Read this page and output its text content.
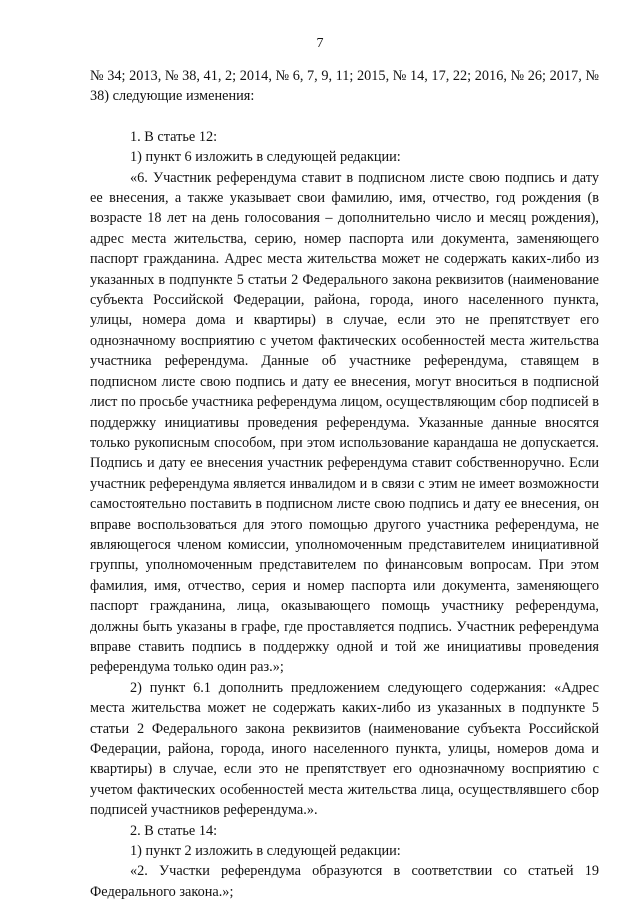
7

№ 34; 2013, № 38, 41, 2; 2014, № 6, 7, 9, 11; 2015, № 14, 17, 22; 2016, № 26; 2017, № 38) следующие изменения:

1. В статье 12:

1) пункт 6 изложить в следующей редакции:

«6. Участник референдума ставит в подписном листе свою подпись и дату ее внесения, а также указывает свои фамилию, имя, отчество, год рождения (в возрасте 18 лет на день голосования – дополнительно число и месяц рождения), адрес места жительства, серию, номер паспорта или документа, заменяющего паспорт гражданина. Адрес места жительства может не содержать каких-либо из указанных в подпункте 5 статьи 2 Федерального закона реквизитов (наименование субъекта Российской Федерации, района, города, иного населенного пункта, улицы, номера дома и квартиры) в случае, если это не препятствует его однозначному восприятию с учетом фактических особенностей места жительства участника референдума. Данные об участнике референдума, ставящем в подписном листе свою подпись и дату ее внесения, могут вноситься в подписной лист по просьбе участника референдума лицом, осуществляющим сбор подписей в поддержку инициативы проведения референдума. Указанные данные вносятся только рукописным способом, при этом использование карандаша не допускается. Подпись и дату ее внесения участник референдума ставит собственноручно. Если участник референдума является инвалидом и в связи с этим не имеет возможности самостоятельно поставить в подписном листе свою подпись и дату ее внесения, он вправе воспользоваться для этого помощью другого участника референдума, не являющегося членом комиссии, уполномоченным представителем инициативной группы, уполномоченным представителем по финансовым вопросам. При этом фамилия, имя, отчество, серия и номер паспорта или документа, заменяющего паспорт гражданина, лица, оказывающего помощь участнику референдума, должны быть указаны в графе, где проставляется подпись. Участник референдума вправе ставить подпись в поддержку одной и той же инициативы проведения референдума только один раз.»;

2) пункт 6.1 дополнить предложением следующего содержания: «Адрес места жительства может не содержать каких-либо из указанных в подпункте 5 статьи 2 Федерального закона реквизитов (наименование субъекта Российской Федерации, района, города, иного населенного пункта, улицы, номеров дома и квартиры) в случае, если это не препятствует его однозначному восприятию с учетом фактических особенностей места жительства лица, осуществлявшего сбор подписей участников референдума.».

2. В статье 14:

1) пункт 2 изложить в следующей редакции:

«2. Участки референдума образуются в соответствии со статьей 19 Федерального закона.»;
